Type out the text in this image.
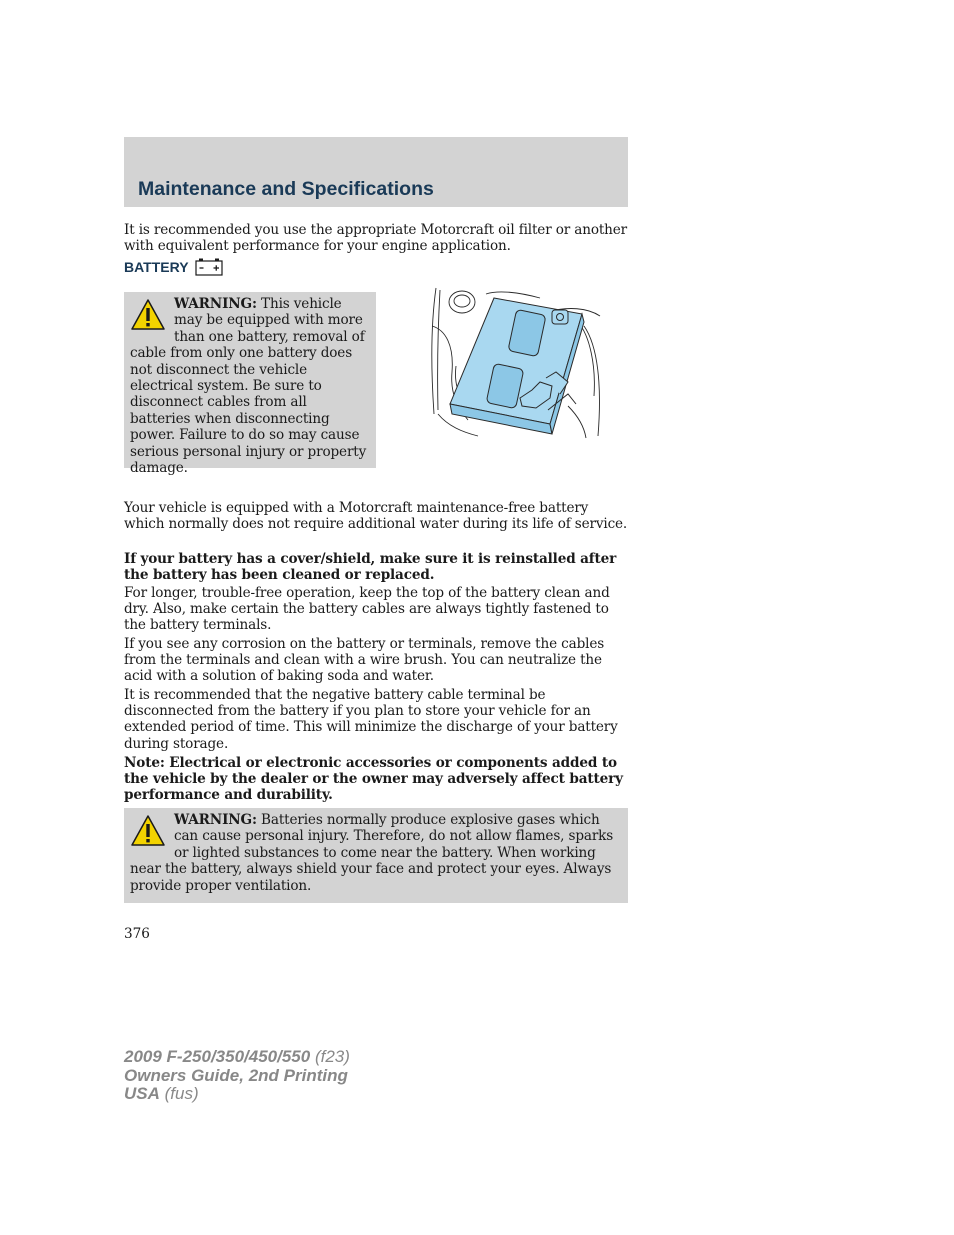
Maintenance and Specifications

It is recommended you use the appropriate Motorcraft oil filter or another with equivalent performance for your engine application.

BATTERY
WARNING: This vehicle may be equipped with more than one battery, removal of cable from only one battery does not disconnect the vehicle electrical system. Be sure to disconnect cables from all batteries when disconnecting power. Failure to do so may cause serious personal injury or property damage.

Your vehicle is equipped with a Motorcraft maintenance-free battery which normally does not require additional water during its life of service.

If your battery has a cover/shield, make sure it is reinstalled after the battery has been cleaned or replaced.

For longer, trouble-free operation, keep the top of the battery clean and dry. Also, make certain the battery cables are always tightly fastened to the battery terminals.

If you see any corrosion on the battery or terminals, remove the cables from the terminals and clean with a wire brush. You can neutralize the acid with a solution of baking soda and water.

It is recommended that the negative battery cable terminal be disconnected from the battery if you plan to store your vehicle for an extended period of time. This will minimize the discharge of your battery during storage.

Note: Electrical or electronic accessories or components added to the vehicle by the dealer or the owner may adversely affect battery performance and durability.

WARNING: Batteries normally produce explosive gases which can cause personal injury. Therefore, do not allow flames, sparks or lighted substances to come near the battery. When working near the battery, always shield your face and protect your eyes. Always provide proper ventilation.
376
2009 F-250/350/450/550 (f23)
Owners Guide, 2nd Printing
USA (fus)
